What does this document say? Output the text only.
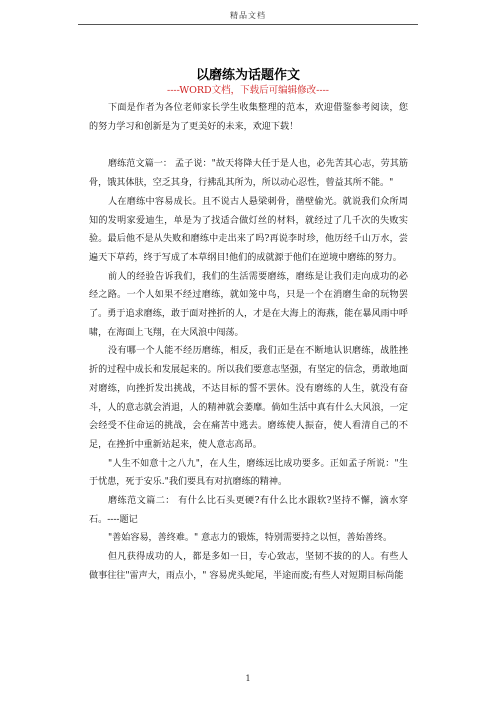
精品文档
以磨练为话题作文
----WORD文档，下载后可编辑修改----

下面是作者为各位老师家长学生收集整理的范本，欢迎借鉴参考阅读，您的努力学习和创新是为了更美好的未来，欢迎下载！

磨练范文篇一： 孟子说："故天将降大任于是人也，必先苦其心志，劳其筋骨，饿其体肤，空乏其身，行拂乱其所为，所以动心忍性，曾益其所不能。"

人在磨练中容易成长。且不说古人悬梁刺骨，凿壁偷光。就说我们众所周知的发明家爱迪生，单是为了找适合做灯丝的材料，就经过了几千次的失败实验。最后他不是从失败和磨练中走出来了吗?再说李时珍，他历经千山万水，尝遍天下草药，终于写成了本草纲目!他们的成就源于他们在逆境中磨练的努力。

前人的经验告诉我们，我们的生活需要磨练，磨练是让我们走向成功的必经之路。一个人如果不经过磨练，就如笼中鸟，只是一个在消磨生命的玩物罢了。勇于追求磨练，敢于面对挫折的人，才是在大海上的海燕，能在暴风雨中呼啸，在海面上飞翔，在大风浪中闯荡。

没有哪一个人能不经历磨练，相反，我们正是在不断地认识磨练，战胜挫折的过程中成长和发展起来的。所以我们要意志坚强，有坚定的信念，勇敢地面对磨练，向挫折发出挑战，不达目标的誓不罢休。没有磨练的人生，就没有奋斗，人的意志就会消退，人的精神就会萎靡。倘如生活中真有什么大风浪，一定会经受不住命运的挑战，会在痛苦中逃去。磨练使人振奋，使人看清自己的不足，在挫折中重新站起来，使人意志高昂。

"人生不如意十之八九"，在人生，磨练远比成功要多。正如孟子所说："生于忧患，死于安乐."我们要具有对抗磨练的精神。

磨练范文篇二： 有什么比石头更硬?有什么比水跟软?坚持不懈，滴水穿石。----题记

"善始容易，善终难。" 意志力的锻炼，特别需要持之以恒，善始善终。

但凡获得成功的人，都是多如一日，专心致志，坚韧不拔的的人。有些人做事往往"雷声大，雨点小，" 容易虎头蛇尾，半途而废;有些人对短期目标尚能

1
